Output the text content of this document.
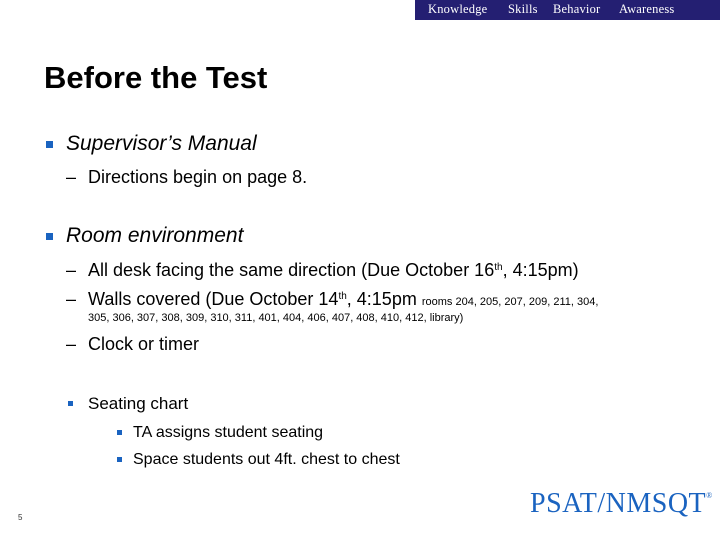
Knowledge Skills Behavior Awareness
Before the Test
Supervisor’s Manual
– Directions begin on page 8.
Room environment
– All desk facing the same direction (Due October 16th, 4:15pm)
– Walls covered (Due October 14th, 4:15pm rooms 204, 205, 207, 209, 211, 304,
305, 306, 307, 308, 309, 310, 311, 401, 404, 406, 407, 408, 410, 412, library)
– Clock or timer
Seating chart
TA assigns student seating
Space students out 4ft. chest to chest
5	PSAT/NMSQT®
